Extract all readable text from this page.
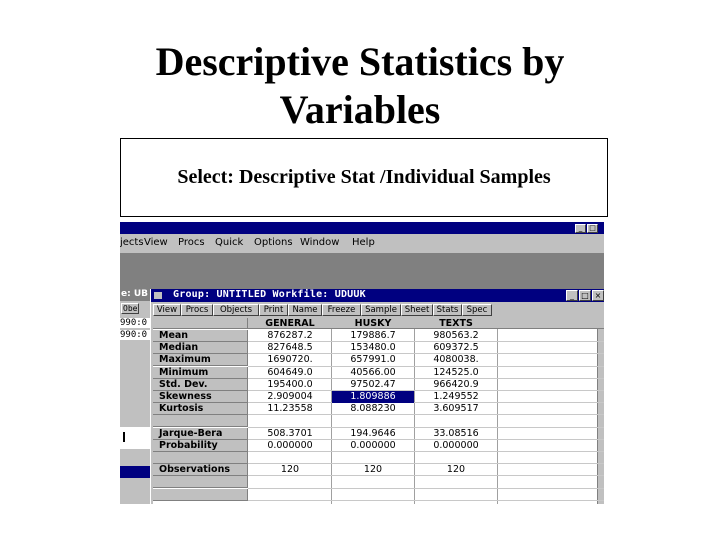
Descriptive Statistics by
Variables
Select: Descriptive Stat /Individual Samples
_ □
jects View Procs Quick Options Window Help
e: UB
Obe
990:0
990:0
Group: UNTITLED Workfile: UDUUK	_ □ ×
View	Procs	Objects	Print	Name	Freeze	Sample Sheet Stats Spec
GENERAL	HUSKY	TEXTS
Mean	876287.2	179886.7	980563.2
Median	827648.5	153480.0	609372.5
Maximum	1690720.	657991.0	4080038.
Minimum	604649.0	40566.00	124525.0
Std. Dev.	195400.0	97502.47	966420.9
Skewness	2.909004	1.809886	1.249552
Kurtosis	11.23558	8.088230	3.609517
Jarque-Bera	508.3701	194.9646	33.08516
Probability	0.000000	0.000000	0.000000
Observations	120	120	120
